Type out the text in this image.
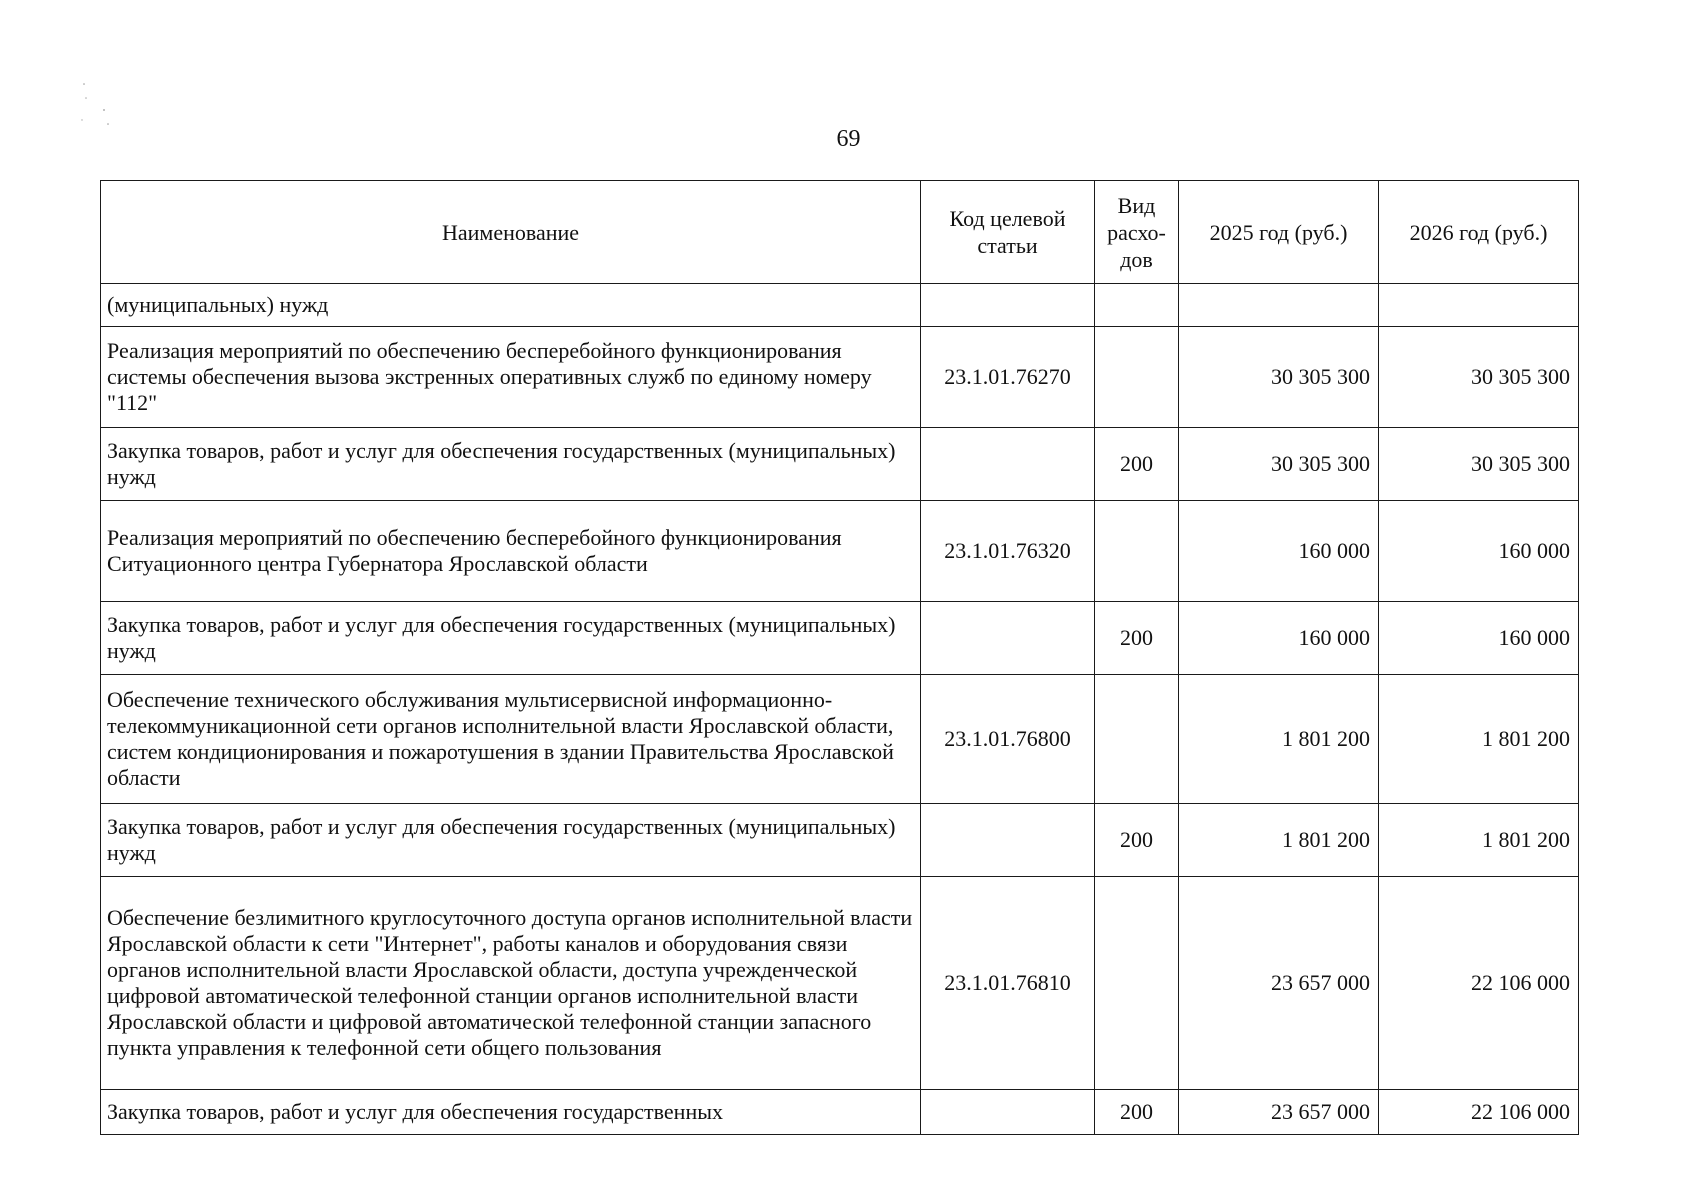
69
Наименование	Код целевой статьи	Вид расхо-дов	2025 год (руб.)	2026 год (руб.)
(муниципальных) нужд				
Реализация мероприятий по обеспечению бесперебойного функционирования системы обеспечения вызова экстренных оперативных служб по единому номеру "112"	23.1.01.76270		30 305 300	30 305 300
Закупка товаров, работ и услуг для обеспечения государственных (муниципальных) нужд		200	30 305 300	30 305 300
Реализация мероприятий по обеспечению бесперебойного функционирования Ситуационного центра Губернатора Ярославской области	23.1.01.76320		160 000	160 000
Закупка товаров, работ и услуг для обеспечения государственных (муниципальных) нужд		200	160 000	160 000
Обеспечение технического обслуживания мультисервисной информационно-телекоммуникационной сети органов исполнительной власти Ярославской области, систем кондиционирования и пожаротушения в здании Правительства Ярославской области	23.1.01.76800		1 801 200	1 801 200
Закупка товаров, работ и услуг для обеспечения государственных (муниципальных) нужд		200	1 801 200	1 801 200
Обеспечение безлимитного круглосуточного доступа органов исполнительной власти Ярославской области к сети "Интернет", работы каналов и оборудования связи органов исполнительной власти Ярославской области, доступа учрежденческой цифровой автоматической телефонной станции органов исполнительной власти Ярославской области и цифровой автоматической телефонной станции запасного пункта управления к телефонной сети общего пользования	23.1.01.76810		23 657 000	22 106 000
Закупка товаров, работ и услуг для обеспечения государственных		200	23 657 000	22 106 000
